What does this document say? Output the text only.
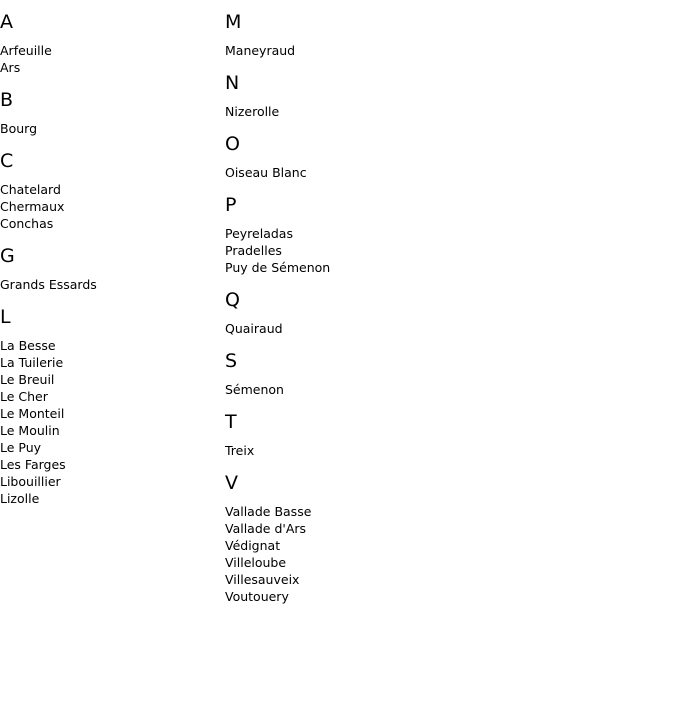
A
Arfeuille
Ars
B
Bourg
C
Chatelard
Chermaux
Conchas
G
Grands Essards
L
La Besse
La Tuilerie
Le Breuil
Le Cher
Le Monteil
Le Moulin
Le Puy
Les Farges
Libouillier
Lizolle
M
Maneyraud
N
Nizerolle
O
Oiseau Blanc
P
Peyreladas
Pradelles
Puy de Sémenon
Q
Quairaud
S
Sémenon
T
Treix
V
Vallade Basse
Vallade d'Ars
Védignat
Villeloube
Villesauveix
Voutouery
